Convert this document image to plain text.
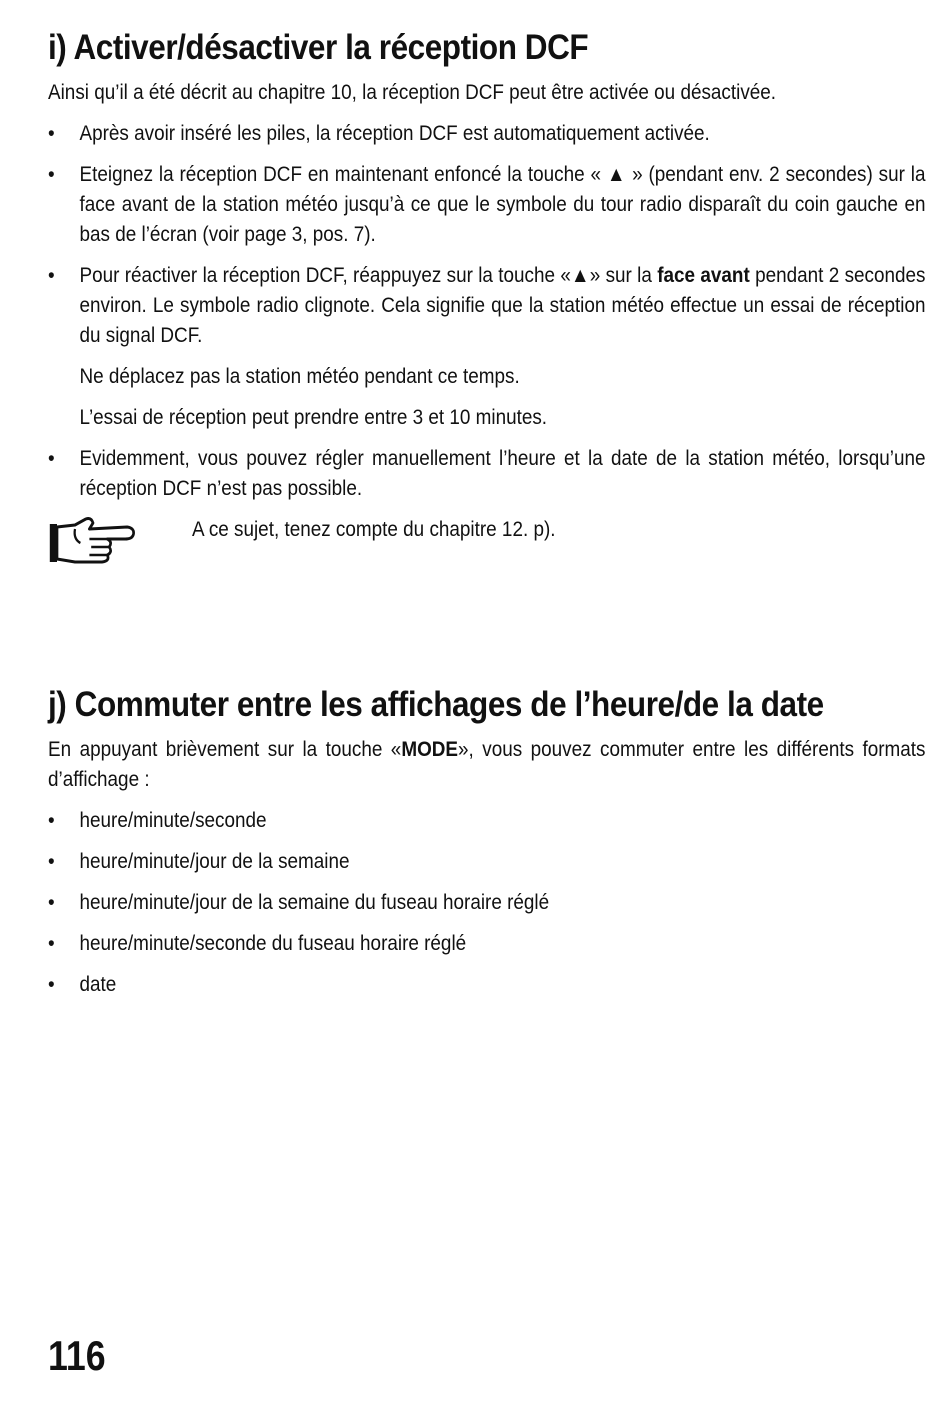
i) Activer/désactiver la réception DCF

Ainsi qu’il a été décrit au chapitre 10, la réception DCF peut être activée ou désactivée.

• Après avoir inséré les piles, la réception DCF est automatiquement activée.
• Eteignez la réception DCF en maintenant enfoncé la touche « ▲ » (pendant env. 2 secondes) sur la face avant de la station météo jusqu’à ce que le symbole du tour radio disparaît du coin gauche en bas de l’écran (voir page 3, pos. 7).
• Pour réactiver la réception DCF, réappuyez sur la touche «▲» sur la face avant pendant 2 secondes environ. Le symbole radio clignote. Cela signifie que la station météo effectue un essai de réception du signal DCF.
Ne déplacez pas la station météo pendant ce temps.
L’essai de réception peut prendre entre 3 et 10 minutes.
• Evidemment, vous pouvez régler manuellement l’heure et la date de la station météo, lorsqu’une réception DCF n’est pas possible.
A ce sujet, tenez compte du chapitre 12. p).
j) Commuter entre les affichages de l’heure/de la date

En appuyant brièvement sur la touche «MODE», vous pouvez commuter entre les différents formats d’affichage :

• heure/minute/seconde
• heure/minute/jour de la semaine
• heure/minute/jour de la semaine du fuseau horaire réglé
• heure/minute/seconde du fuseau horaire réglé
• date
116
